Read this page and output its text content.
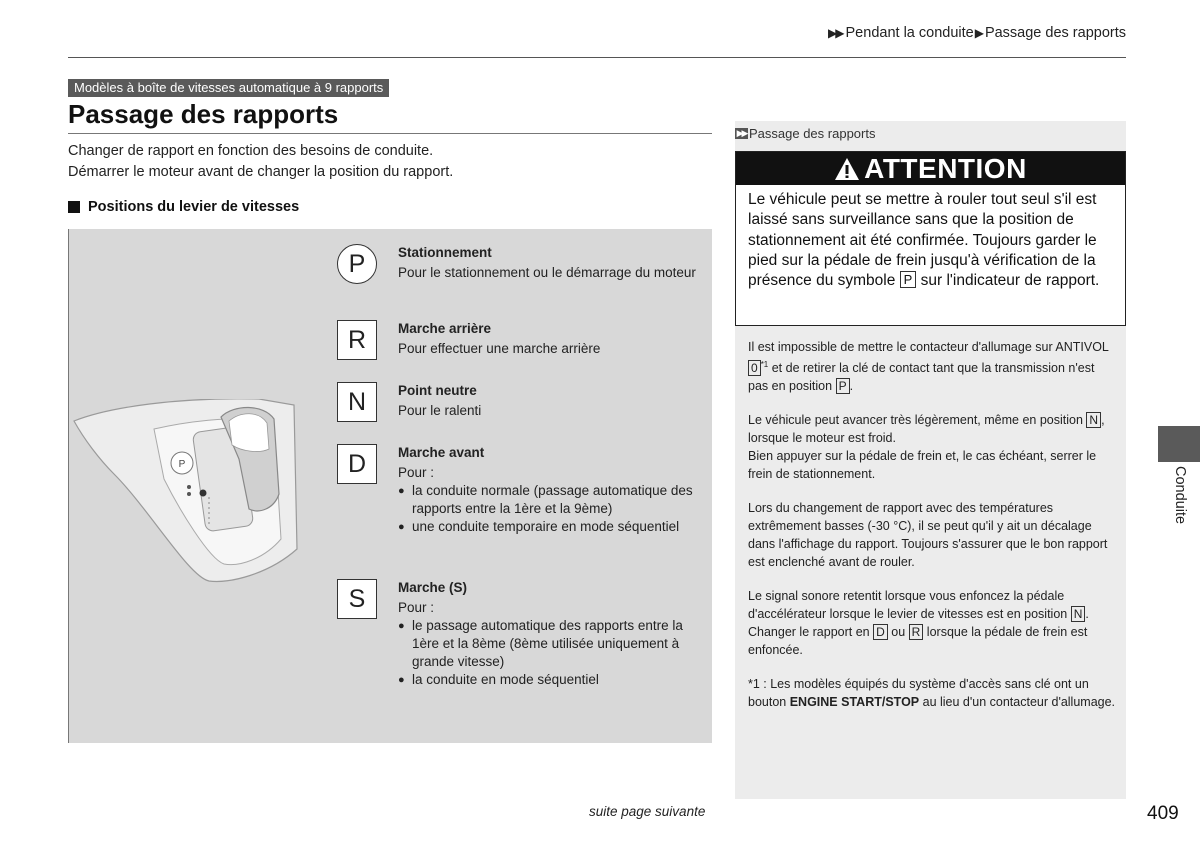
▶▶ Pendant la conduite▶ Passage des rapports
Modèles à boîte de vitesses automatique à 9 rapports
Passage des rapports
Changer de rapport en fonction des besoins de conduite.
Démarrer le moteur avant de changer la position du rapport.
Positions du levier de vitesses
P
P	Stationnement
Pour le stationnement ou le démarrage du moteur
R	Marche arrière
Pour effectuer une marche arrière
N	Point neutre
Pour le ralenti
D	Marche avant
Pour :
● la conduite normale (passage automatique des rapports entre la 1ère et la 9ème)
● une conduite temporaire en mode séquentiel
S	Marche (S)
Pour :
● le passage automatique des rapports entre la 1ère et la 8ème (8ème utilisée uniquement à grande vitesse)
● la conduite en mode séquentiel
▶▶ Passage des rapports
ATTENTION
Le véhicule peut se mettre à rouler tout seul s'il est laissé sans surveillance sans que la position de stationnement ait été confirmée. Toujours garder le pied sur la pédale de frein jusqu'à vérification de la présence du symbole P sur l'indicateur de rapport.

Il est impossible de mettre le contacteur d'allumage sur ANTIVOL 0 $^{*1}$ et de retirer la clé de contact tant que la transmission n'est pas en position P .

Le véhicule peut avancer très légèrement, même en position N , lorsque le moteur est froid.
Bien appuyer sur la pédale de frein et, le cas échéant, serrer le frein de stationnement.

Lors du changement de rapport avec des températures extrêmement basses (-30 °C), il se peut qu'il y ait un décalage dans l'affichage du rapport. Toujours s'assurer que le bon rapport est enclenché avant de rouler.

Le signal sonore retentit lorsque vous enfoncez la pédale d'accélérateur lorsque le levier de vitesses est en position N .
Changer le rapport en D ou R lorsque la pédale de frein est enfoncée.

*1 : Les modèles équipés du système d'accès sans clé ont un bouton ENGINE START/STOP au lieu d'un contacteur d'allumage.

Conduite
suite page suivante	409
